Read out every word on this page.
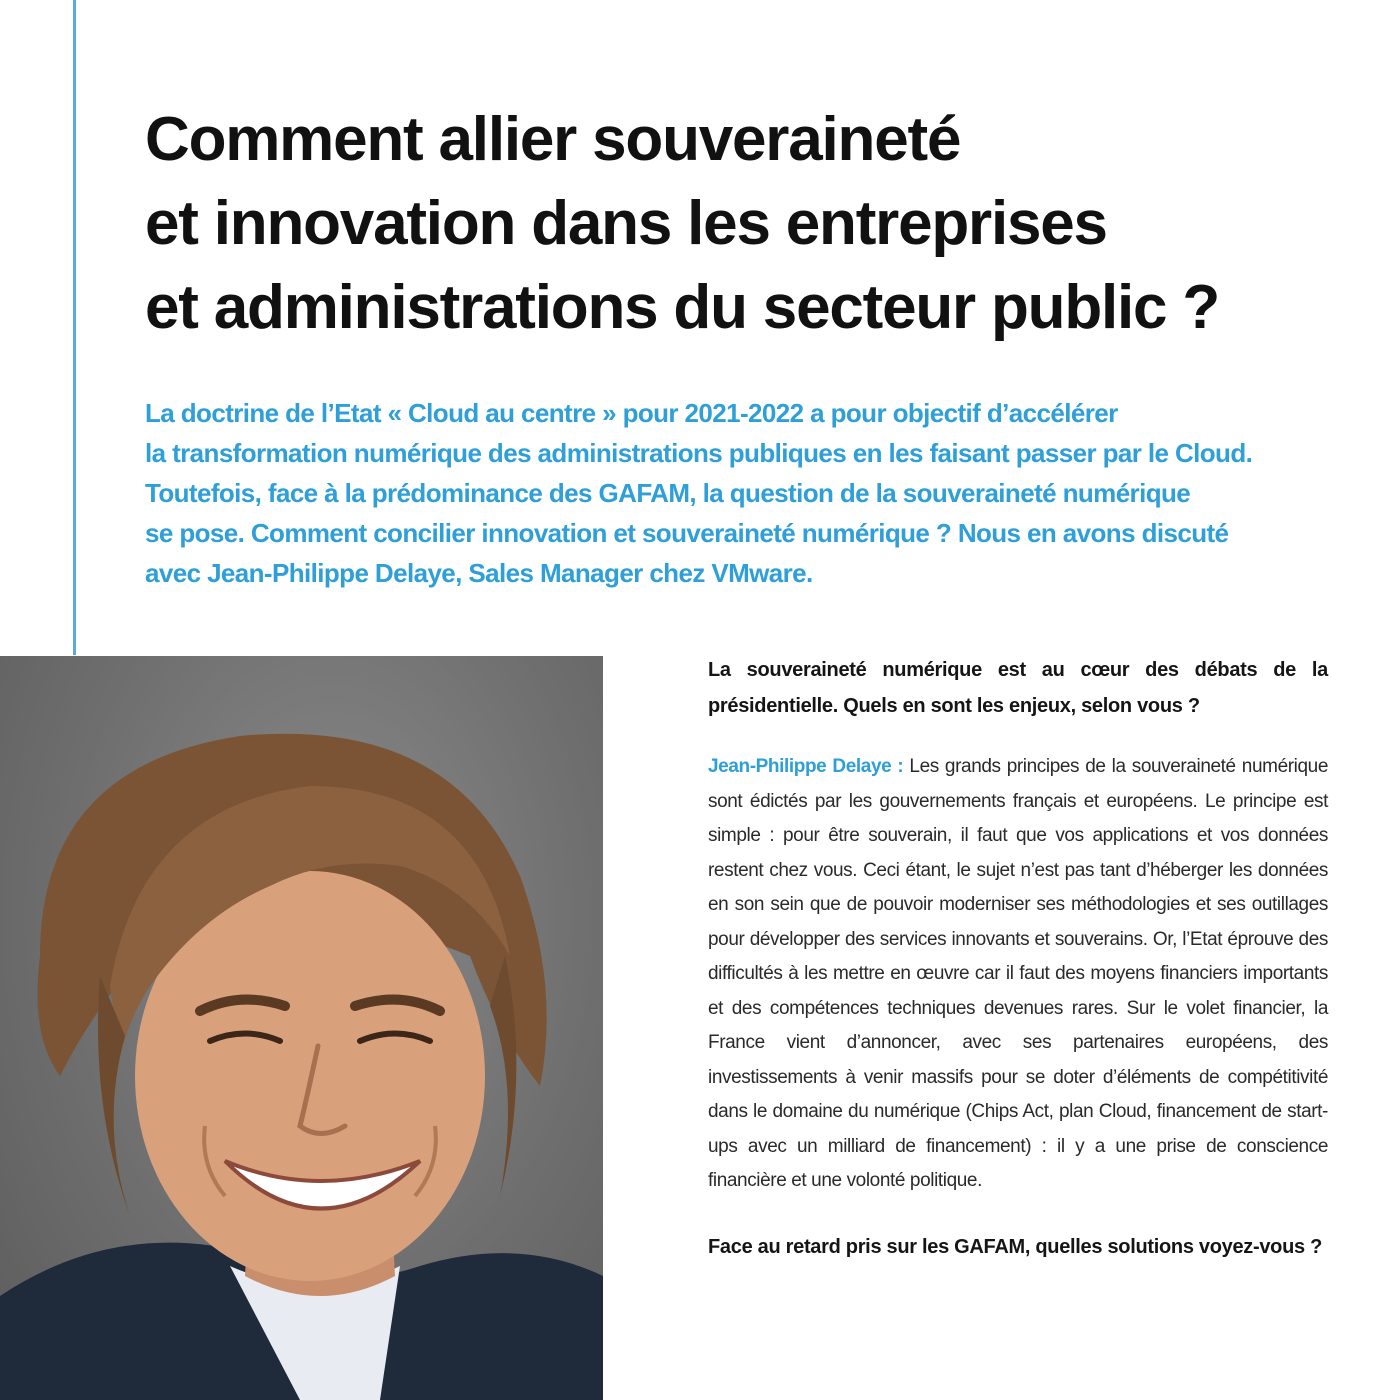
Comment allier souveraineté
et innovation dans les entreprises
et administrations du secteur public ?

La doctrine de l’Etat « Cloud au centre » pour 2021-2022 a pour objectif d’accélérer
la transformation numérique des administrations publiques en les faisant passer par le Cloud.
Toutefois, face à la prédominance des GAFAM, la question de la souveraineté numérique
se pose. Comment concilier innovation et souveraineté numérique ? Nous en avons discuté
avec Jean-Philippe Delaye, Sales Manager chez VMware.

La souveraineté numérique est au cœur des débats de la présidentielle. Quels en sont les enjeux, selon vous ?

Jean-Philippe Delaye : Les grands principes de la souveraineté numérique sont édictés par les gouvernements français et européens. Le principe est simple : pour être souverain, il faut que vos applications et vos données restent chez vous. Ceci étant, le sujet n’est pas tant d’héberger les données en son sein que de pouvoir moderniser ses méthodologies et ses outillages pour développer des services innovants et souverains. Or, l’Etat éprouve des difficultés à les mettre en œuvre car il faut des moyens financiers importants et des compétences techniques devenues rares. Sur le volet financier, la France vient d’annoncer, avec ses partenaires européens, des investissements à venir massifs pour se doter d’éléments de compétitivité dans le domaine du numérique (Chips Act, plan Cloud, financement de start-ups avec un milliard de financement) : il y a une prise de conscience financière et une volonté politique.

Face au retard pris sur les GAFAM, quelles solutions voyez-vous ?
